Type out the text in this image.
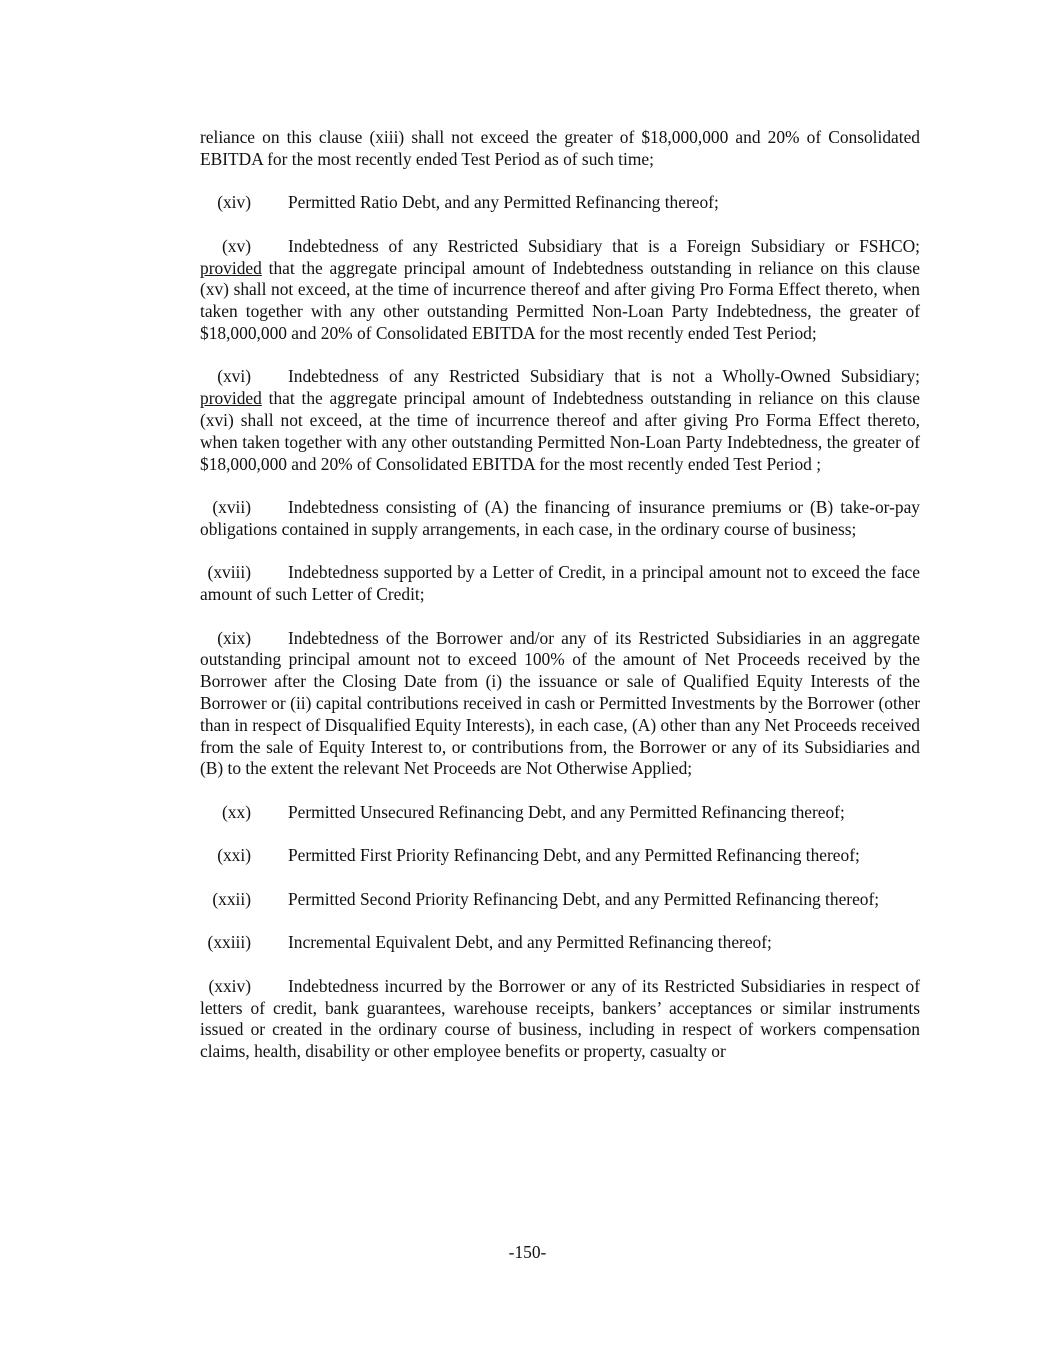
reliance on this clause (xiii) shall not exceed the greater of $18,000,000 and 20% of Consolidated EBITDA for the most recently ended Test Period as of such time;

(xiv) Permitted Ratio Debt, and any Permitted Refinancing thereof;

(xv) Indebtedness of any Restricted Subsidiary that is a Foreign Subsidiary or FSHCO; provided that the aggregate principal amount of Indebtedness outstanding in reliance on this clause (xv) shall not exceed, at the time of incurrence thereof and after giving Pro Forma Effect thereto, when taken together with any other outstanding Permitted Non-Loan Party Indebtedness, the greater of $18,000,000 and 20% of Consolidated EBITDA for the most recently ended Test Period;

(xvi) Indebtedness of any Restricted Subsidiary that is not a Wholly-Owned Subsidiary; provided that the aggregate principal amount of Indebtedness outstanding in reliance on this clause (xvi) shall not exceed, at the time of incurrence thereof and after giving Pro Forma Effect thereto, when taken together with any other outstanding Permitted Non-Loan Party Indebtedness, the greater of $18,000,000 and 20% of Consolidated EBITDA for the most recently ended Test Period ;

(xvii) Indebtedness consisting of (A) the financing of insurance premiums or (B) take-or-pay obligations contained in supply arrangements, in each case, in the ordinary course of business;

(xviii) Indebtedness supported by a Letter of Credit, in a principal amount not to exceed the face amount of such Letter of Credit;

(xix) Indebtedness of the Borrower and/or any of its Restricted Subsidiaries in an aggregate outstanding principal amount not to exceed 100% of the amount of Net Proceeds received by the Borrower after the Closing Date from (i) the issuance or sale of Qualified Equity Interests of the Borrower or (ii) capital contributions received in cash or Permitted Investments by the Borrower (other than in respect of Disqualified Equity Interests), in each case, (A) other than any Net Proceeds received from the sale of Equity Interest to, or contributions from, the Borrower or any of its Subsidiaries and (B) to the extent the relevant Net Proceeds are Not Otherwise Applied;

(xx) Permitted Unsecured Refinancing Debt, and any Permitted Refinancing thereof;

(xxi) Permitted First Priority Refinancing Debt, and any Permitted Refinancing thereof;

(xxii) Permitted Second Priority Refinancing Debt, and any Permitted Refinancing thereof;

(xxiii) Incremental Equivalent Debt, and any Permitted Refinancing thereof;

(xxiv) Indebtedness incurred by the Borrower or any of its Restricted Subsidiaries in respect of letters of credit, bank guarantees, warehouse receipts, bankers’ acceptances or similar instruments issued or created in the ordinary course of business, including in respect of workers compensation claims, health, disability or other employee benefits or property, casualty or

-150-
